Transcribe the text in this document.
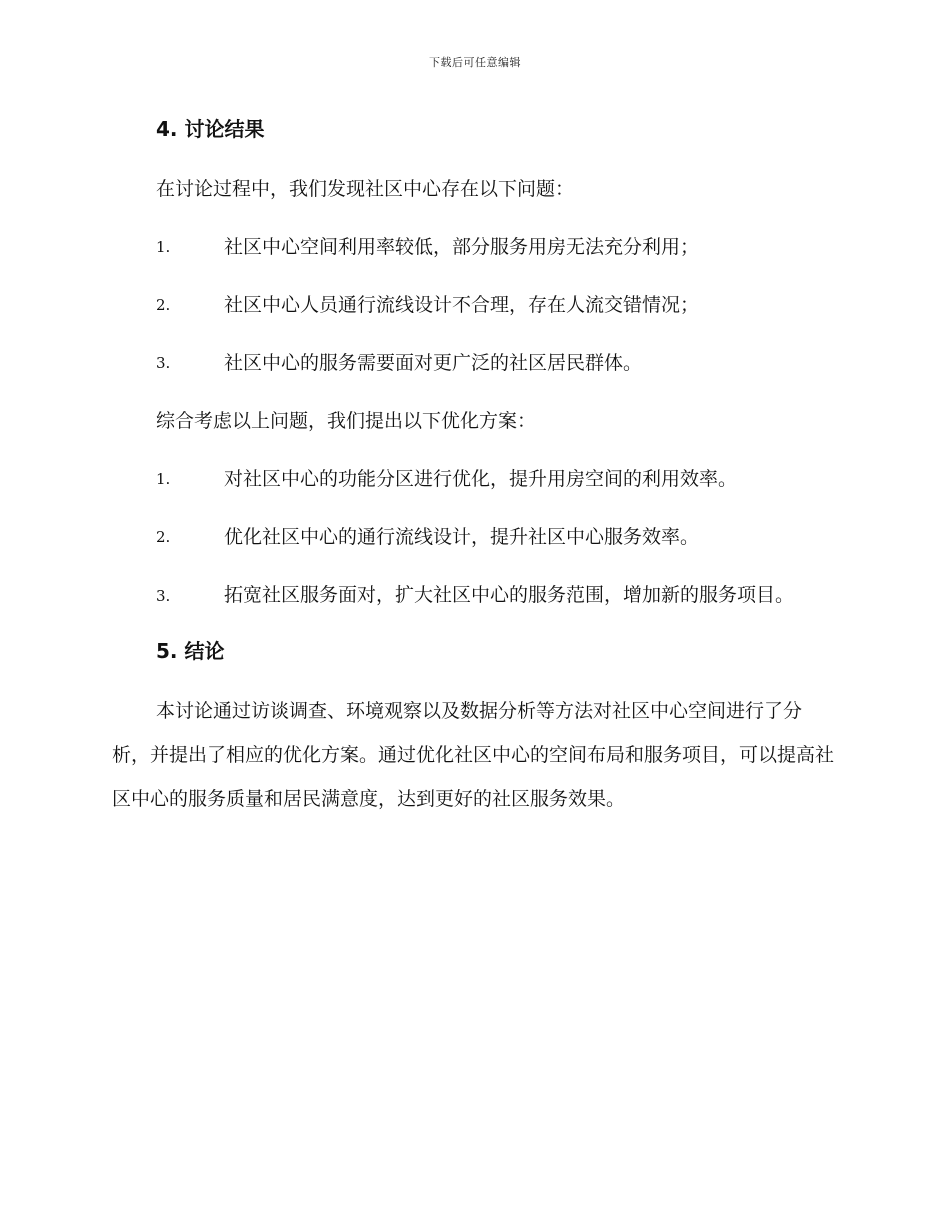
下载后可任意编辑
4. 讨论结果

在讨论过程中，我们发现社区中心存在以下问题：

1.	社区中心空间利用率较低，部分服务用房无法充分利用；
2.	社区中心人员通行流线设计不合理，存在人流交错情况；
3.	社区中心的服务需要面对更广泛的社区居民群体。

综合考虑以上问题，我们提出以下优化方案：

1.	对社区中心的功能分区进行优化，提升用房空间的利用效率。
2.	优化社区中心的通行流线设计，提升社区中心服务效率。
3.	拓宽社区服务面对，扩大社区中心的服务范围，增加新的服务项目。
5. 结论

本讨论通过访谈调查、环境观察以及数据分析等方法对社区中心空间进行了分析，并提出了相应的优化方案。通过优化社区中心的空间布局和服务项目，可以提高社区中心的服务质量和居民满意度，达到更好的社区服务效果。
